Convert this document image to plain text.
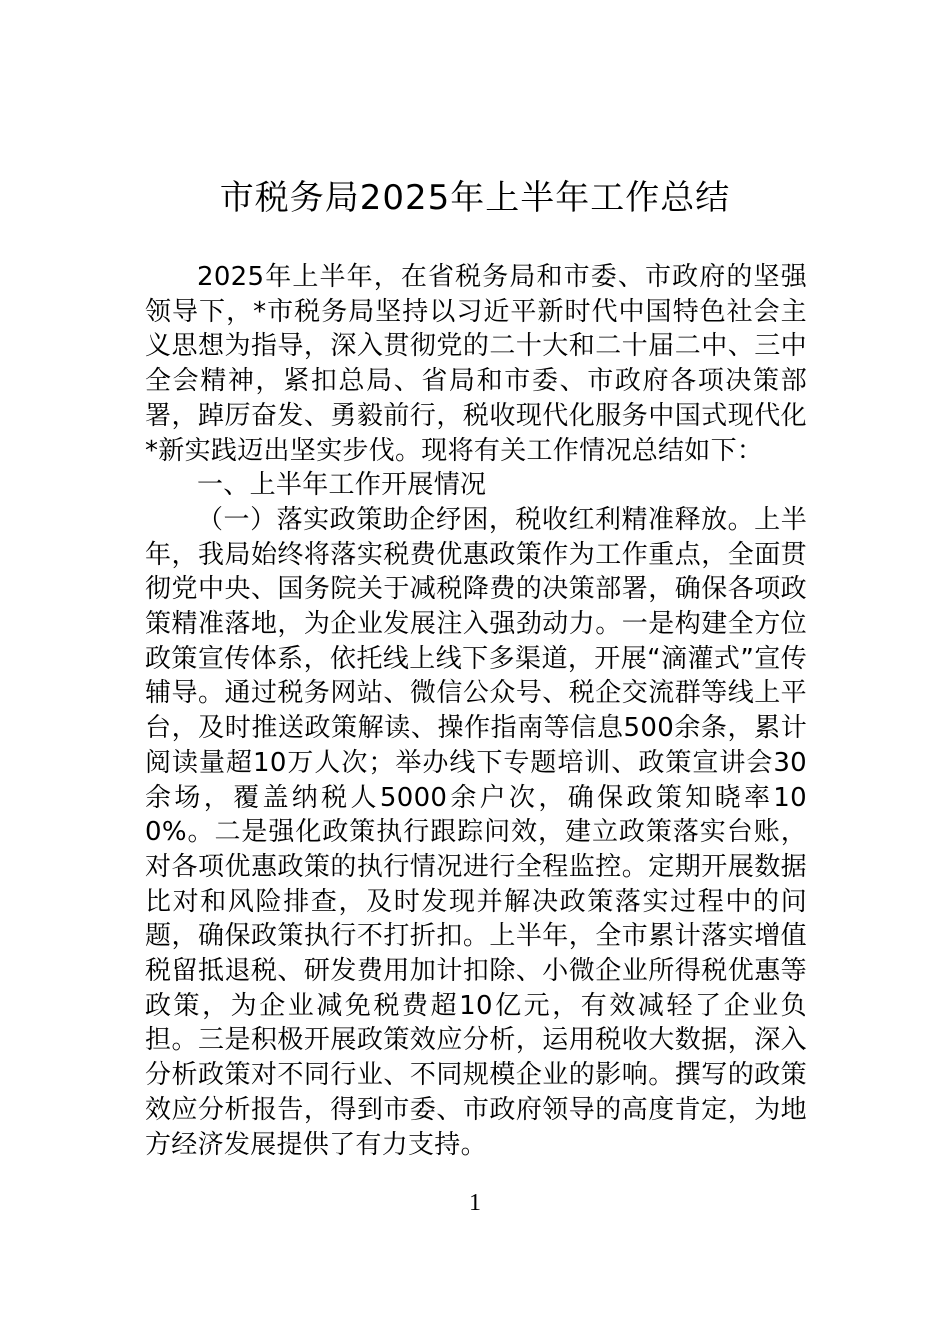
市税务局2025年上半年工作总结

2025年上半年，在省税务局和市委、市政府的坚强领导下，*市税务局坚持以习近平新时代中国特色社会主义思想为指导，深入贯彻党的二十大和二十届二中、三中全会精神，紧扣总局、省局和市委、市政府各项决策部署，踔厉奋发、勇毅前行，税收现代化服务中国式现代化*新实践迈出坚实步伐。现将有关工作情况总结如下：

一、上半年工作开展情况

（一）落实政策助企纾困，税收红利精准释放。上半年，我局始终将落实税费优惠政策作为工作重点，全面贯彻党中央、国务院关于减税降费的决策部署，确保各项政策精准落地，为企业发展注入强劲动力。一是构建全方位政策宣传体系，依托线上线下多渠道，开展“滴灌式”宣传辅导。通过税务网站、微信公众号、税企交流群等线上平台，及时推送政策解读、操作指南等信息500余条，累计阅读量超10万人次；举办线下专题培训、政策宣讲会30余场，覆盖纳税人5000余户次，确保政策知晓率100%。二是强化政策执行跟踪问效，建立政策落实台账，对各项优惠政策的执行情况进行全程监控。定期开展数据比对和风险排查，及时发现并解决政策落实过程中的问题，确保政策执行不打折扣。上半年，全市累计落实增值税留抵退税、研发费用加计扣除、小微企业所得税优惠等政策，为企业减免税费超10亿元，有效减轻了企业负担。三是积极开展政策效应分析，运用税收大数据，深入分析政策对不同行业、不同规模企业的影响。撰写的政策效应分析报告，得到市委、市政府领导的高度肯定，为地方经济发展提供了有力支持。

1
